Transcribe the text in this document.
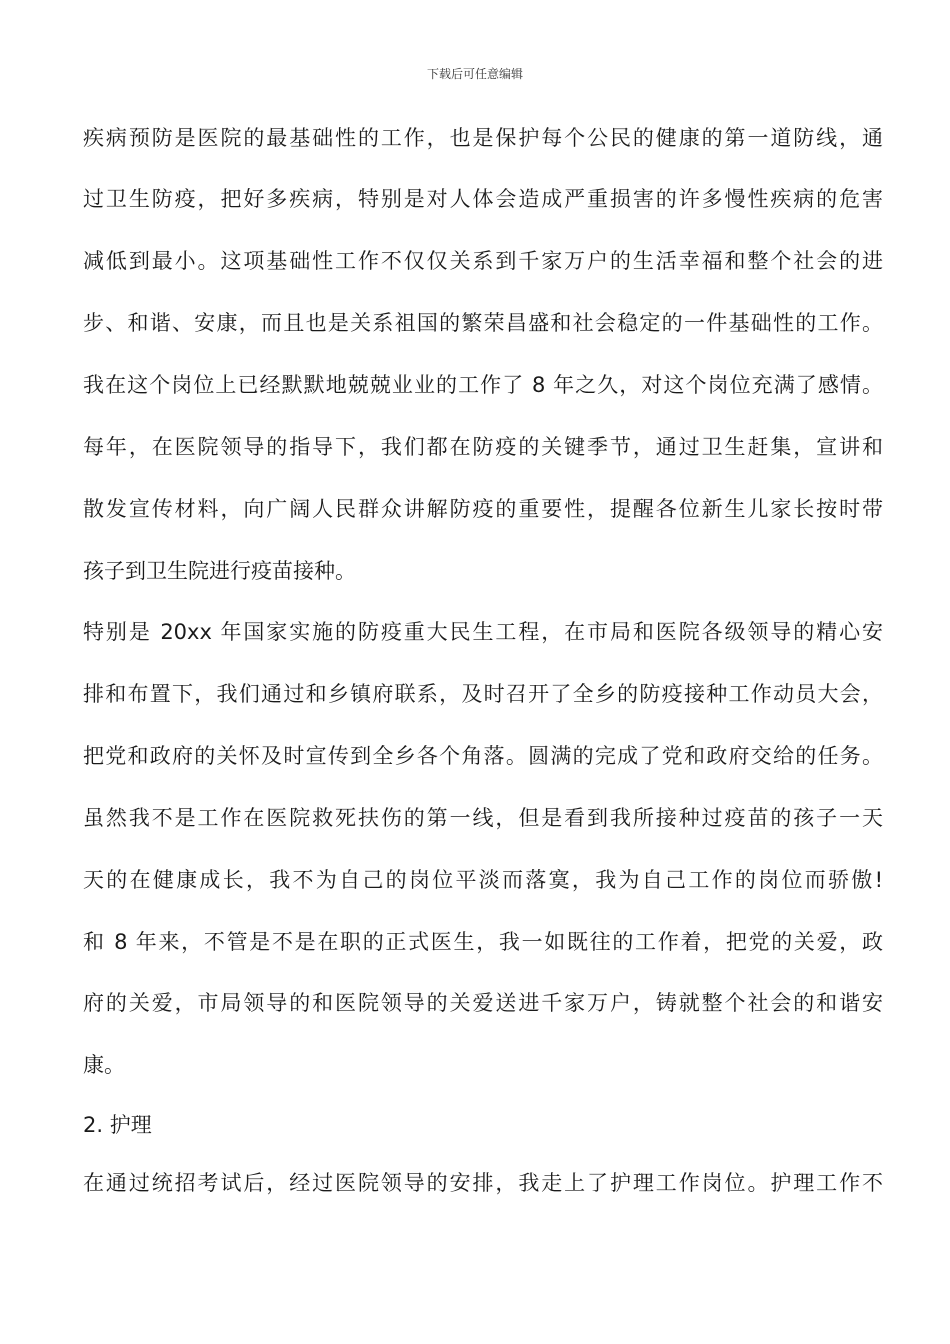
下载后可任意编辑
疾病预防是医院的最基础性的工作，也是保护每个公民的健康的第一道防线，通
过卫生防疫，把好多疾病，特别是对人体会造成严重损害的许多慢性疾病的危害
减低到最小。这项基础性工作不仅仅关系到千家万户的生活幸福和整个社会的进
步、和谐、安康，而且也是关系祖国的繁荣昌盛和社会稳定的一件基础性的工作。
我在这个岗位上已经默默地兢兢业业的工作了 8 年之久，对这个岗位充满了感情。
每年，在医院领导的指导下，我们都在防疫的关键季节，通过卫生赶集，宣讲和
散发宣传材料，向广阔人民群众讲解防疫的重要性，提醒各位新生儿家长按时带
孩子到卫生院进行疫苗接种。
特别是 20xx 年国家实施的防疫重大民生工程，在市局和医院各级领导的精心安
排和布置下，我们通过和乡镇府联系，及时召开了全乡的防疫接种工作动员大会，
把党和政府的关怀及时宣传到全乡各个角落。圆满的完成了党和政府交给的任务。
虽然我不是工作在医院救死扶伤的第一线，但是看到我所接种过疫苗的孩子一天
天的在健康成长，我不为自己的岗位平淡而落寞，我为自己工作的岗位而骄傲!
和 8 年来，不管是不是在职的正式医生，我一如既往的工作着，把党的关爱，政
府的关爱，市局领导的和医院领导的关爱送进千家万户，铸就整个社会的和谐安
康。
2. 护理
在通过统招考试后，经过医院领导的安排，我走上了护理工作岗位。护理工作不
